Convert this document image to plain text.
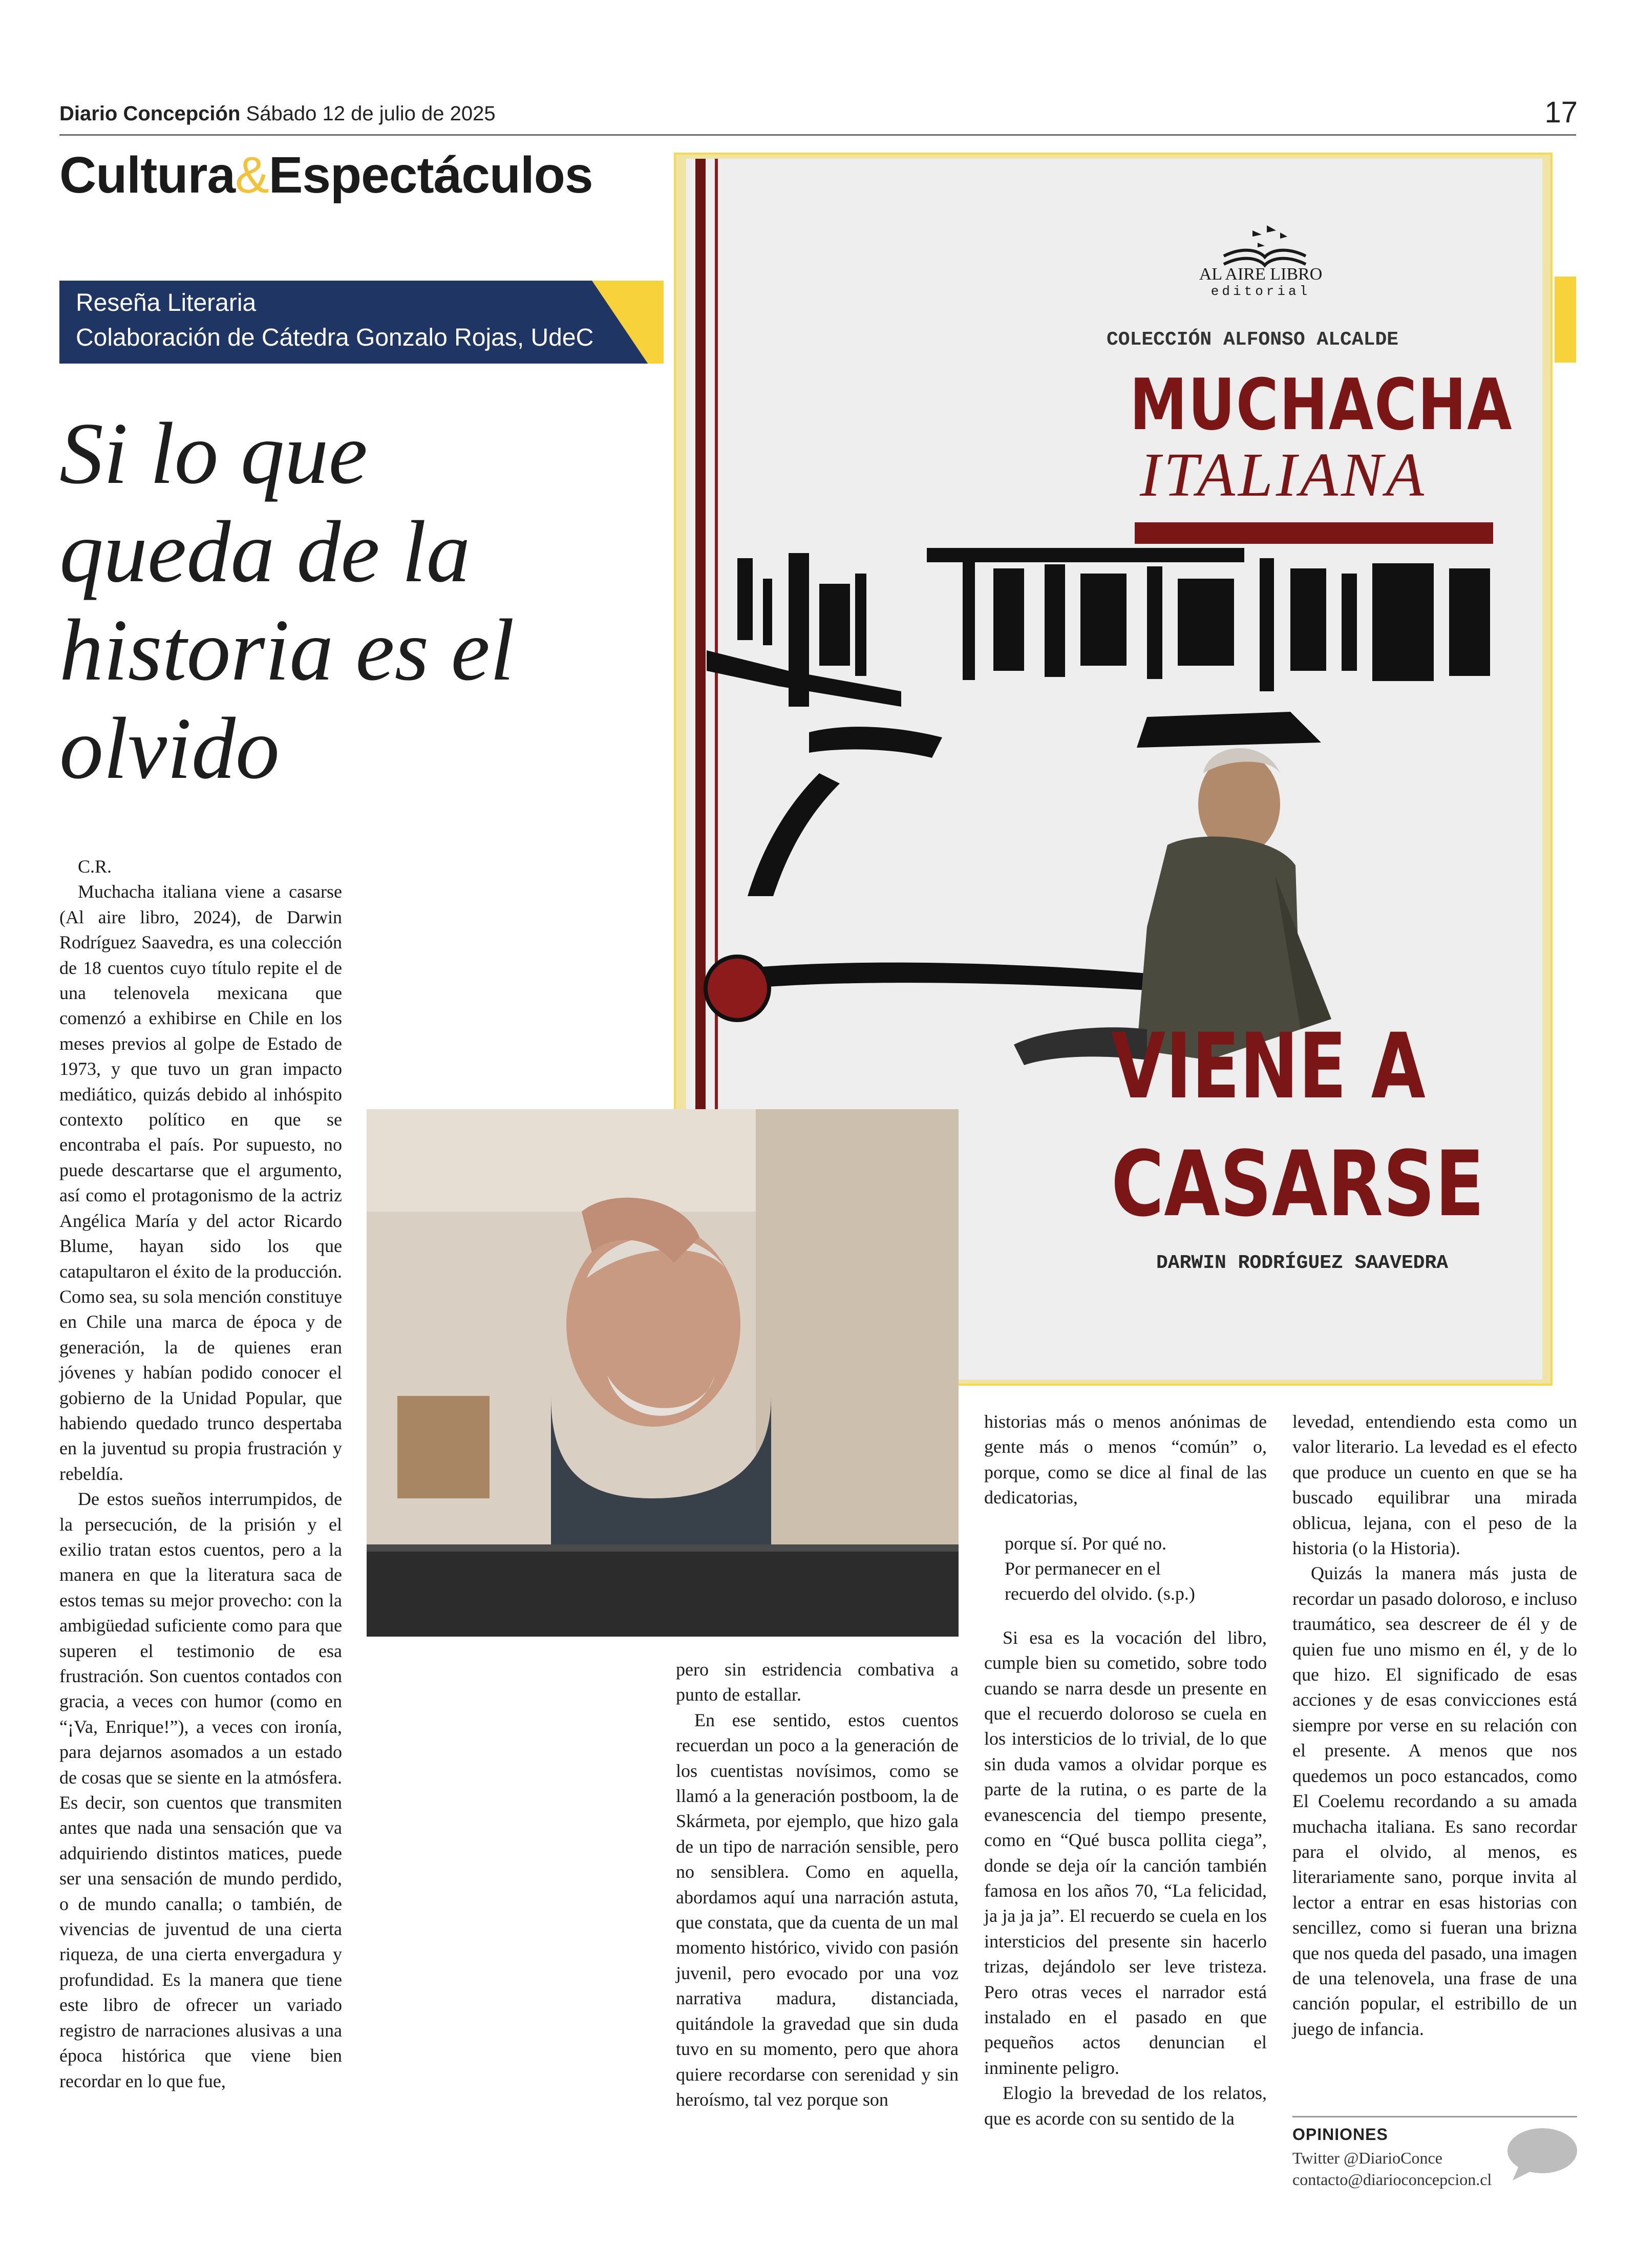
Diario Concepción Sábado 12 de julio de 2025	17
Cultura&Espectáculos
Reseña Literaria
Colaboración de Cátedra Gonzalo Rojas, UdeC
Si lo que
queda de la
historia es el
olvido
AL AIRE LIBRO
editorial
COLECCIÓN ALFONSO ALCALDE
MUCHACHA
ITALIANA
VIENE A
CASARSE
DARWIN RODRÍGUEZ SAAVEDRA

C.R.

Muchacha italiana viene a casarse (Al aire libro, 2024), de Darwin Rodríguez Saavedra, es una colección de 18 cuentos cuyo título repite el de una telenovela mexicana que comenzó a exhibirse en Chile en los meses previos al golpe de Estado de 1973, y que tuvo un gran impacto mediático, quizás debido al inhóspito contexto político en que se encontraba el país. Por supuesto, no puede descartarse que el argumento, así como el protagonismo de la actriz Angélica María y del actor Ricardo Blume, hayan sido los que catapultaron el éxito de la producción. Como sea, su sola mención constituye en Chile una marca de época y de generación, la de quienes eran jóvenes y habían podido conocer el gobierno de la Unidad Popular, que habiendo quedado trunco despertaba en la juventud su propia frustración y rebeldía.

De estos sueños interrumpidos, de la persecución, de la prisión y el exilio tratan estos cuentos, pero a la manera en que la literatura saca de estos temas su mejor provecho: con la ambigüedad suficiente como para que superen el testimonio de esa frustración. Son cuentos contados con gracia, a veces con humor (como en “¡Va, Enrique!”), a veces con ironía, para dejarnos asomados a un estado de cosas que se siente en la atmósfera. Es decir, son cuentos que transmiten antes que nada una sensación que va adquiriendo distintos matices, puede ser una sensación de mundo perdido, o de mundo canalla; o también, de vivencias de juventud de una cierta riqueza, de una cierta envergadura y profundidad. Es la manera que tiene este libro de ofrecer un variado registro de narraciones alusivas a una época histórica que viene bien recordar en lo que fue,

pero sin estridencia combativa a punto de estallar.

En ese sentido, estos cuentos recuerdan un poco a la generación de los cuentistas novísimos, como se llamó a la generación postboom, la de Skármeta, por ejemplo, que hizo gala de un tipo de narración sensible, pero no sensiblera. Como en aquella, abordamos aquí una narración astuta, que constata, que da cuenta de un mal momento histórico, vivido con pasión juvenil, pero evocado por una voz narrativa madura, distanciada, quitándole la gravedad que sin duda tuvo en su momento, pero que ahora quiere recordarse con serenidad y sin heroísmo, tal vez porque son

historias más o menos anónimas de gente más o menos “común” o, porque, como se dice al final de las dedicatorias,

porque sí. Por qué no.
Por permanecer en el
recuerdo del olvido. (s.p.)

Si esa es la vocación del libro, cumple bien su cometido, sobre todo cuando se narra desde un presente en que el recuerdo doloroso se cuela en los intersticios de lo trivial, de lo que sin duda vamos a olvidar porque es parte de la rutina, o es parte de la evanescencia del tiempo presente, como en “Qué busca pollita ciega”, donde se deja oír la canción también famosa en los años 70, “La felicidad, ja ja ja ja”. El recuerdo se cuela en los intersticios del presente sin hacerlo trizas, dejándolo ser leve tristeza. Pero otras veces el narrador está instalado en el pasado en que pequeños actos denuncian el inminente peligro.

Elogio la brevedad de los relatos, que es acorde con su sentido de la

levedad, entendiendo esta como un valor literario. La levedad es el efecto que produce un cuento en que se ha buscado equilibrar una mirada oblicua, lejana, con el peso de la historia (o la Historia).

Quizás la manera más justa de recordar un pasado doloroso, e incluso traumático, sea descreer de él y de quien fue uno mismo en él, y de lo que hizo. El significado de esas acciones y de esas convicciones está siempre por verse en su relación con el presente. A menos que nos quedemos un poco estancados, como El Coelemu recordando a su amada muchacha italiana. Es sano recordar para el olvido, al menos, es literariamente sano, porque invita al lector a entrar en esas historias con sencillez, como si fueran una brizna que nos queda del pasado, una imagen de una telenovela, una frase de una canción popular, el estribillo de un juego de infancia.

OPINIONES
Twitter @DiarioConce
contacto@diarioconcepcion.cl
